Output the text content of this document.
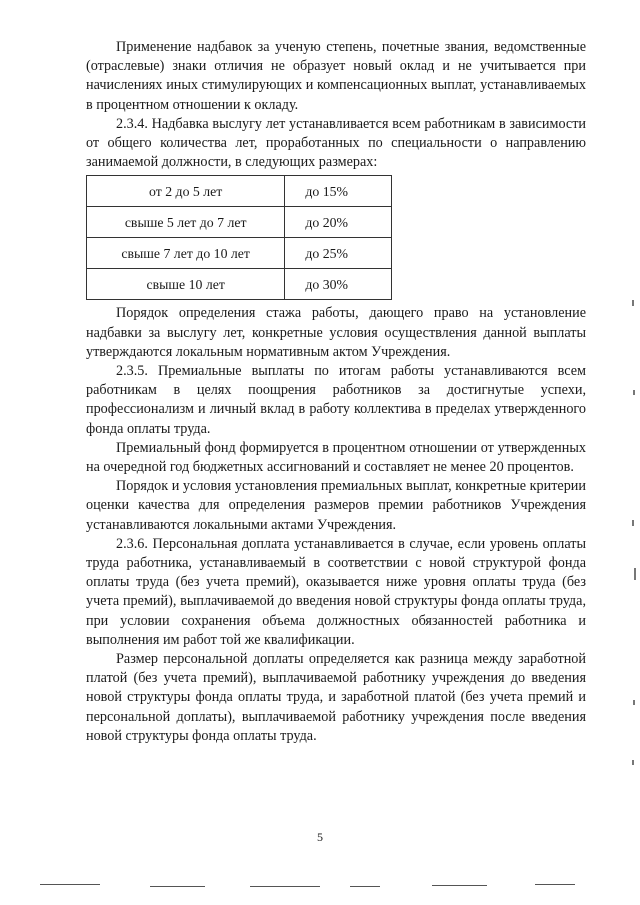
Применение надбавок за ученую степень, почетные звания, ведомственные (отраслевые) знаки отличия не образует новый оклад и не учитывается при начислениях иных стимулирующих и компенсационных выплат, устанавливаемых в процентном отношении к окладу.

2.3.4. Надбавка выслугу лет устанавливается всем работникам в зависимости от общего количества лет, проработанных по специальности о направлению занимаемой должности, в следующих размерах:

от 2 до 5 лет	до 15%
свыше 5 лет до 7 лет	до 20%
свыше 7 лет до 10 лет	до 25%
свыше 10 лет	до 30%

Порядок определения стажа работы, дающего право на установление надбавки за выслугу лет, конкретные условия осуществления данной выплаты утверждаются локальным нормативным актом Учреждения.

2.3.5. Премиальные выплаты по итогам работы устанавливаются всем работникам в целях поощрения работников за достигнутые успехи, профессионализм и личный вклад в работу коллектива в пределах утвержденного фонда оплаты труда.

Премиальный фонд формируется в процентном отношении от утвержденных на очередной год бюджетных ассигнований и составляет не менее 20 процентов.

Порядок и условия установления премиальных выплат, конкретные критерии оценки качества для определения размеров премии работников Учреждения устанавливаются локальными актами Учреждения.

2.3.6. Персональная доплата устанавливается в случае, если уровень оплаты труда работника, устанавливаемый в соответствии с новой структурой фонда оплаты труда (без учета премий), оказывается ниже уровня оплаты труда (без учета премий), выплачиваемой до введения новой структуры фонда оплаты труда, при условии сохранения объема должностных обязанностей работника и выполнения им работ той же квалификации.

Размер персональной доплаты определяется как разница между заработной платой (без учета премий), выплачиваемой работнику учреждения до введения новой структуры фонда оплаты труда, и заработной платой (без учета премий и персональной доплаты), выплачиваемой работнику учреждения после введения новой структуры фонда оплаты труда.

5
